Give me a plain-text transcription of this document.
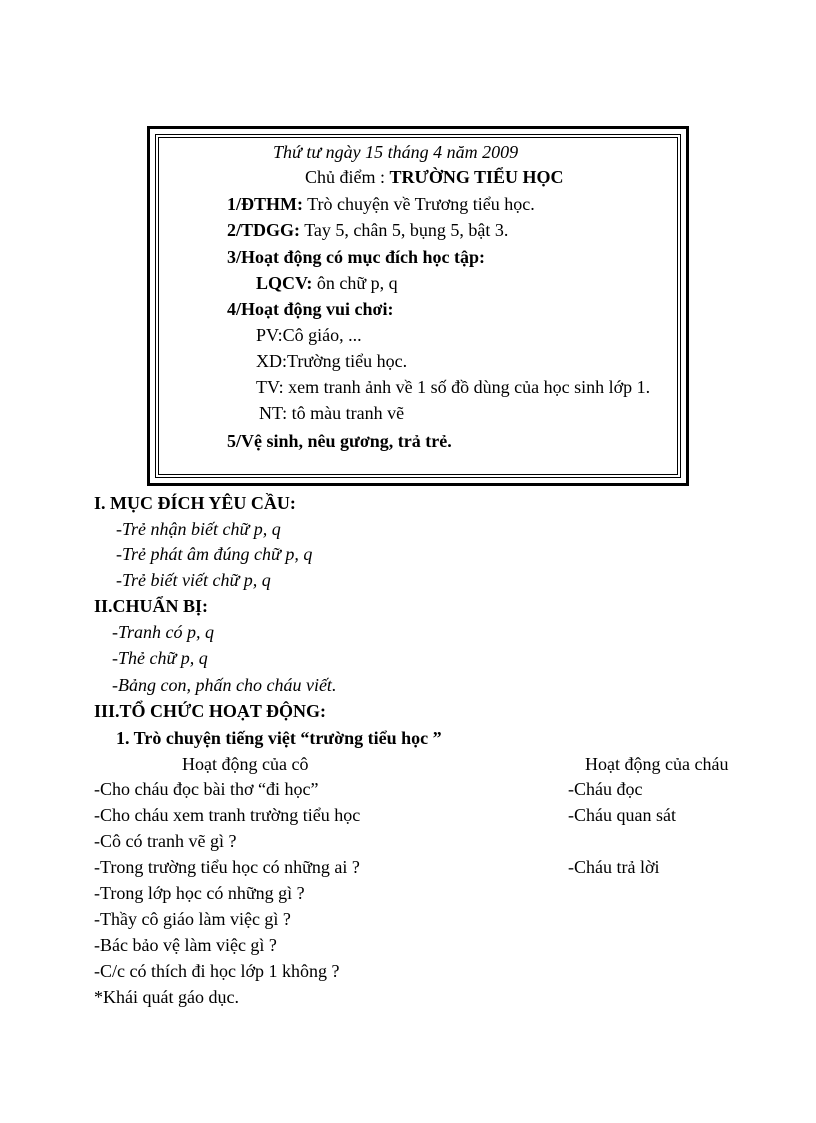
Thứ tư ngày 15 tháng 4 năm 2009
Chủ điểm : TRƯỜNG TIỂU HỌC
1/ĐTHM: Trò chuyện về Trương tiểu học.
2/TDGG: Tay 5, chân 5, bụng 5, bật 3.
3/Hoạt động có mục đích học tập:
LQCV: ôn chữ p, q
4/Hoạt động vui chơi:
PV:Cô giáo, ...
XD:Trường tiểu học.
TV: xem tranh ảnh về 1 số đồ dùng của học sinh lớp 1.
NT: tô màu tranh vẽ
5/Vệ sinh, nêu gương, trả trẻ.
I. MỤC ĐÍCH YÊU CẦU:
-Trẻ nhận biết chữ p, q
-Trẻ phát âm đúng chữ p, q
-Trẻ biết viết chữ p, q
II.CHUẨN BỊ:
-Tranh có p, q
-Thẻ chữ p, q
-Bảng con, phấn cho cháu viết.
III.TỔ CHỨC HOẠT ĐỘNG:
1. Trò chuyện tiếng việt “trường tiểu học ”
Hoạt động của cô	Hoạt động của cháu
-Cho cháu đọc bài thơ “đi học”	-Cháu đọc
-Cho cháu xem tranh trường tiểu học	-Cháu quan sát
-Cô có tranh vẽ gì ?
-Trong trường tiểu học có những ai ?	-Cháu trả lời
-Trong lớp học có những gì ?
-Thầy cô giáo làm việc gì ?
-Bác bảo vệ làm việc gì ?
-C/c có thích đi học lớp 1 không ?
*Khái quát gáo dục.
